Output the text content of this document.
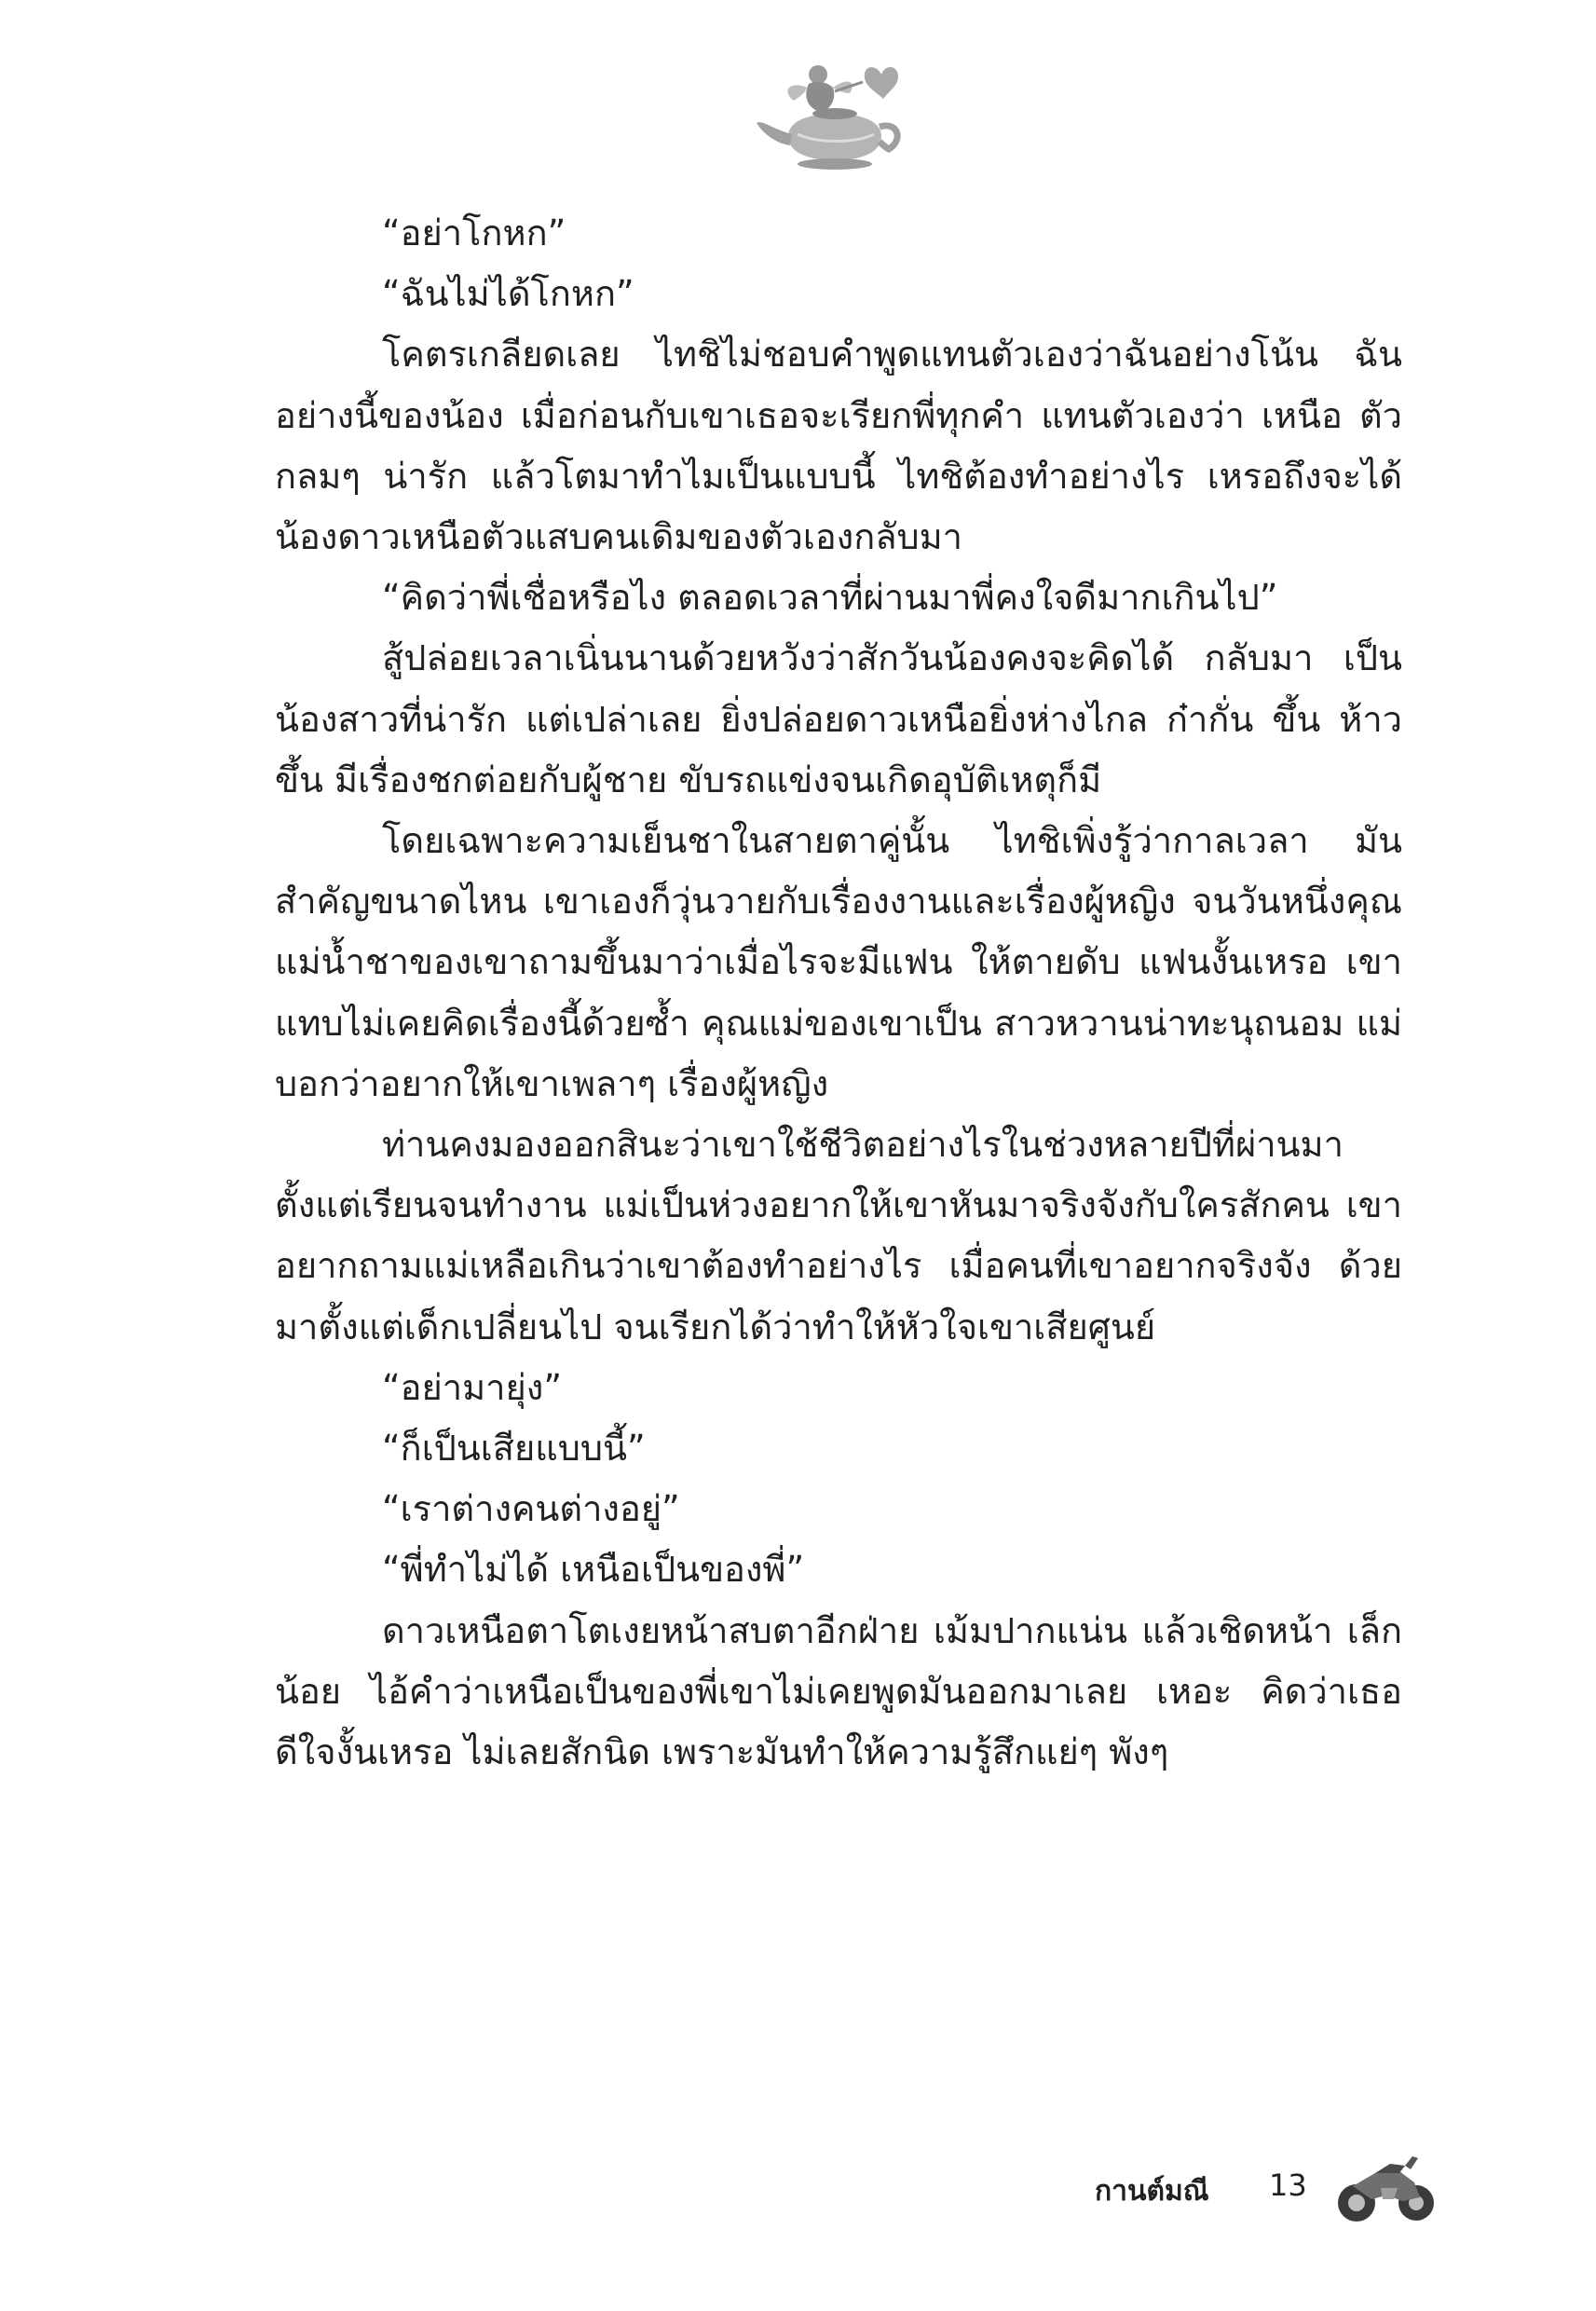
“อย่าโกหก”

“ฉันไม่ได้โกหก”

โคตรเกลียดเลย ไทชิไม่ชอบคำพูดแทนตัวเองว่าฉันอย่างโน้น ฉันอย่างนี้ของน้อง เมื่อก่อนกับเขาเธอจะเรียกพี่ทุกคำ แทนตัวเองว่า เหนือ ตัวกลมๆ น่ารัก แล้วโตมาทำไมเป็นแบบนี้ ไทชิต้องทำอย่างไร เหรอถึงจะได้น้องดาวเหนือตัวแสบคนเดิมของตัวเองกลับมา

“คิดว่าพี่เชื่อหรือไง ตลอดเวลาที่ผ่านมาพี่คงใจดีมากเกินไป”

สู้ปล่อยเวลาเนิ่นนานด้วยหวังว่าสักวันน้องคงจะคิดได้ กลับมา เป็นน้องสาวที่น่ารัก แต่เปล่าเลย ยิ่งปล่อยดาวเหนือยิ่งห่างไกล ก๋ากั่น ขึ้น ห้าวขึ้น มีเรื่องชกต่อยกับผู้ชาย ขับรถแข่งจนเกิดอุบัติเหตุก็มี

โดยเฉพาะความเย็นชาในสายตาคู่นั้น ไทชิเพิ่งรู้ว่ากาลเวลา มันสำคัญขนาดไหน เขาเองก็วุ่นวายกับเรื่องงานและเรื่องผู้หญิง จนวันหนึ่งคุณแม่น้ำชาของเขาถามขึ้นมาว่าเมื่อไรจะมีแฟน ให้ตายดับ แฟนงั้นเหรอ เขาแทบไม่เคยคิดเรื่องนี้ด้วยซ้ำ คุณแม่ของเขาเป็น สาวหวานน่าทะนุถนอม แม่บอกว่าอยากให้เขาเพลาๆ เรื่องผู้หญิง

ท่านคงมองออกสินะว่าเขาใช้ชีวิตอย่างไรในช่วงหลายปีที่ผ่านมา ตั้งแต่เรียนจนทำงาน แม่เป็นห่วงอยากให้เขาหันมาจริงจังกับใครสักคน เขาอยากถามแม่เหลือเกินว่าเขาต้องทำอย่างไร เมื่อคนที่เขาอยากจริงจัง ด้วยมาตั้งแต่เด็กเปลี่ยนไป จนเรียกได้ว่าทำให้หัวใจเขาเสียศูนย์

“อย่ามายุ่ง”

“ก็เป็นเสียแบบนี้”

“เราต่างคนต่างอยู่”

“พี่ทำไม่ได้ เหนือเป็นของพี่”

ดาวเหนือตาโตเงยหน้าสบตาอีกฝ่าย เม้มปากแน่น แล้วเชิดหน้า เล็กน้อย ไอ้คำว่าเหนือเป็นของพี่เขาไม่เคยพูดมันออกมาเลย เหอะ คิดว่าเธอดีใจงั้นเหรอ ไม่เลยสักนิด เพราะมันทำให้ความรู้สึกแย่ๆ พังๆ

กานต์มณี 13
